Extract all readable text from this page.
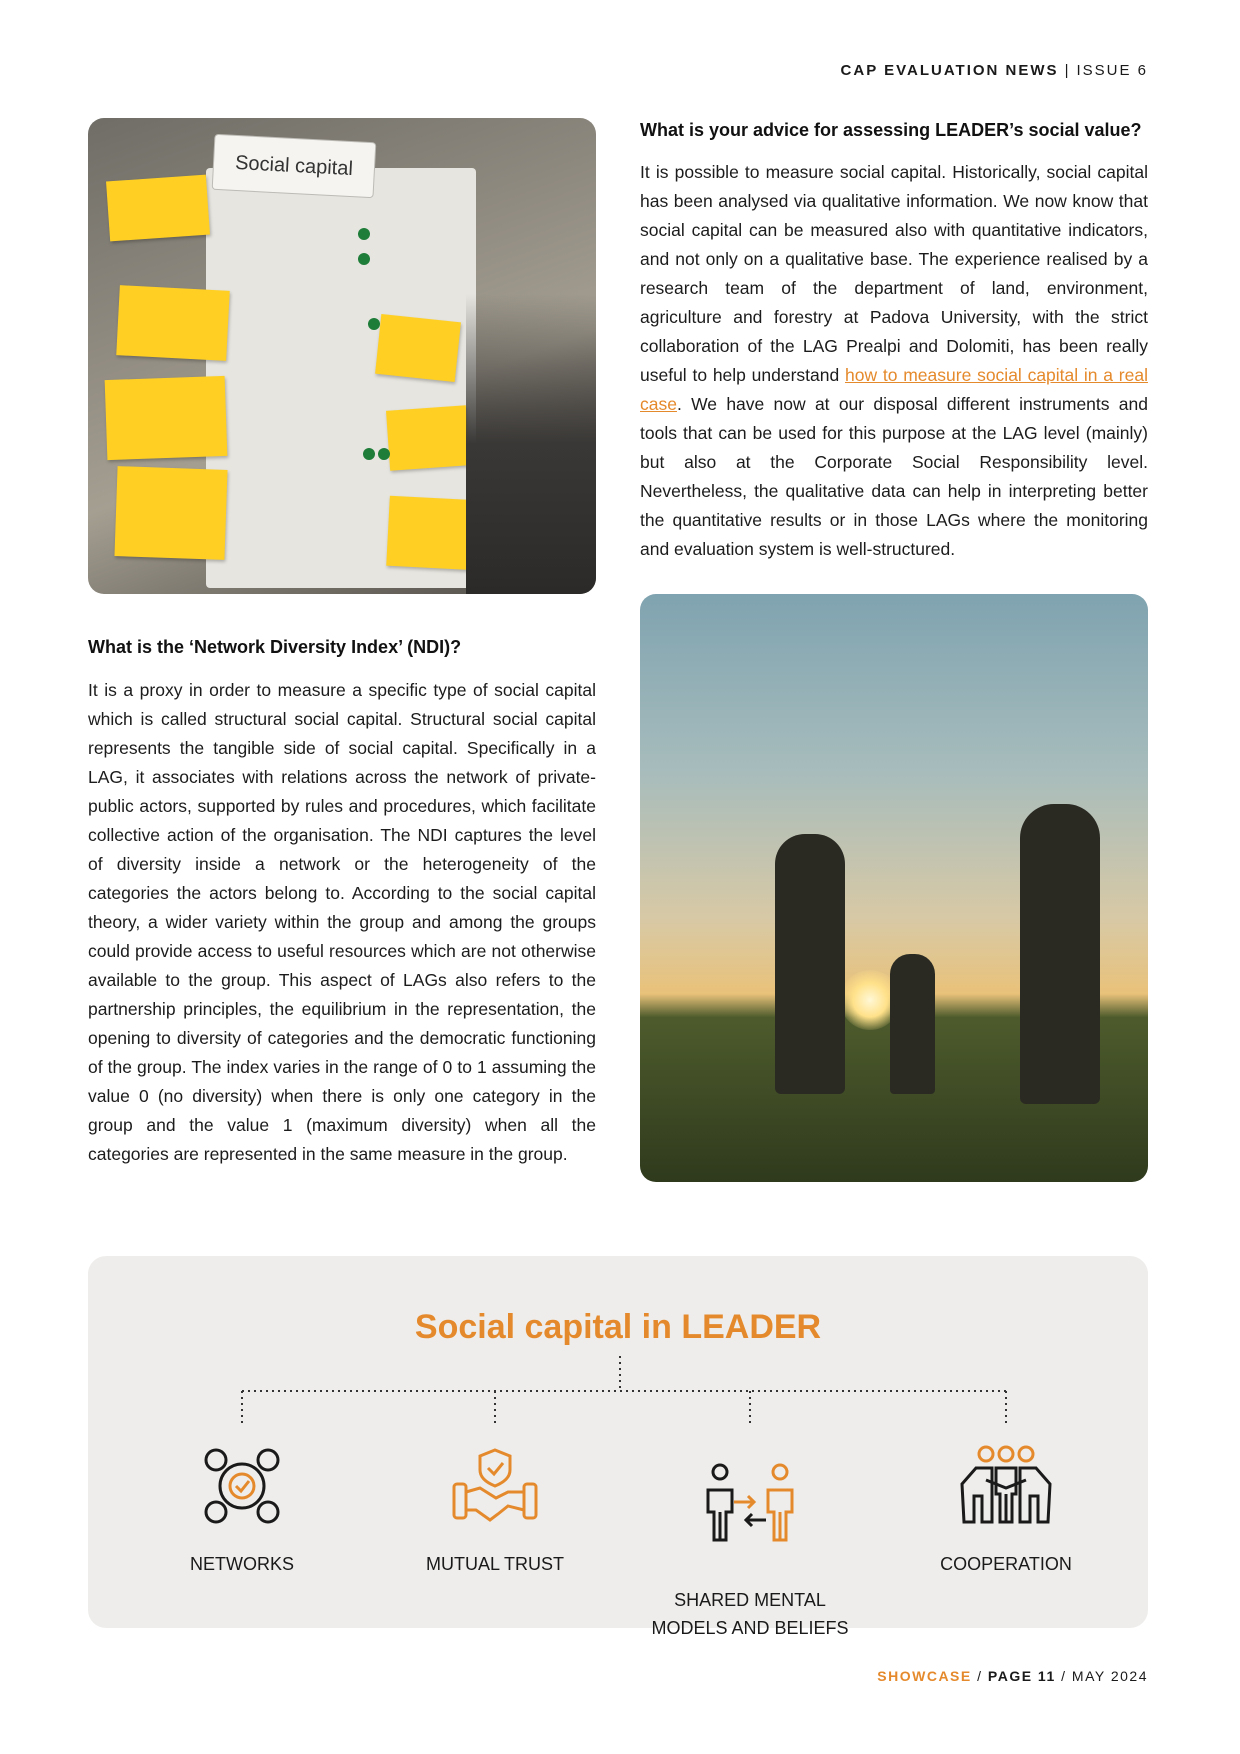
CAP EVALUATION NEWS | ISSUE 6
Social capital
What is your advice for assessing LEADER’s social value?

It is possible to measure social capital. Historically, social capital has been analysed via qualitative information. We now know that social capital can be measured also with quantitative indicators, and not only on a qualitative base. The experience realised by a research team of the department of land, environment, agriculture and forestry at Padova University, with the strict collaboration of the LAG Prealpi and Dolomiti, has been really useful to help understand how to measure social capital in a real case. We have now at our disposal different instruments and tools that can be used for this purpose at the LAG level (mainly) but also at the Corporate Social Responsibility level. Nevertheless, the qualitative data can help in interpreting better the quantitative results or in those LAGs where the monitoring and evaluation system is well-structured.

What is the ‘Network Diversity Index’ (NDI)?

It is a proxy in order to measure a specific type of social capital which is called structural social capital. Structural social capital represents the tangible side of social capital. Specifically in a LAG, it associates with relations across the network of private-public actors, supported by rules and procedures, which facilitate collective action of the organisation. The NDI captures the level of diversity inside a network or the heterogeneity of the categories the actors belong to. According to the social capital theory, a wider variety within the group and among the groups could provide access to useful resources which are not otherwise available to the group. This aspect of LAGs also refers to the partnership principles, the equilibrium in the representation, the opening to diversity of categories and the democratic functioning of the group. The index varies in the range of 0 to 1 assuming the value 0 (no diversity) when there is only one category in the group and the value 1 (maximum diversity) when all the categories are represented in the same measure in the group.

Social capital in LEADER
NETWORKS	MUTUAL TRUST

SHARED MENTAL
MODELS AND BELIEFS

COOPERATION
SHOWCASE / PAGE 11 / MAY 2024
